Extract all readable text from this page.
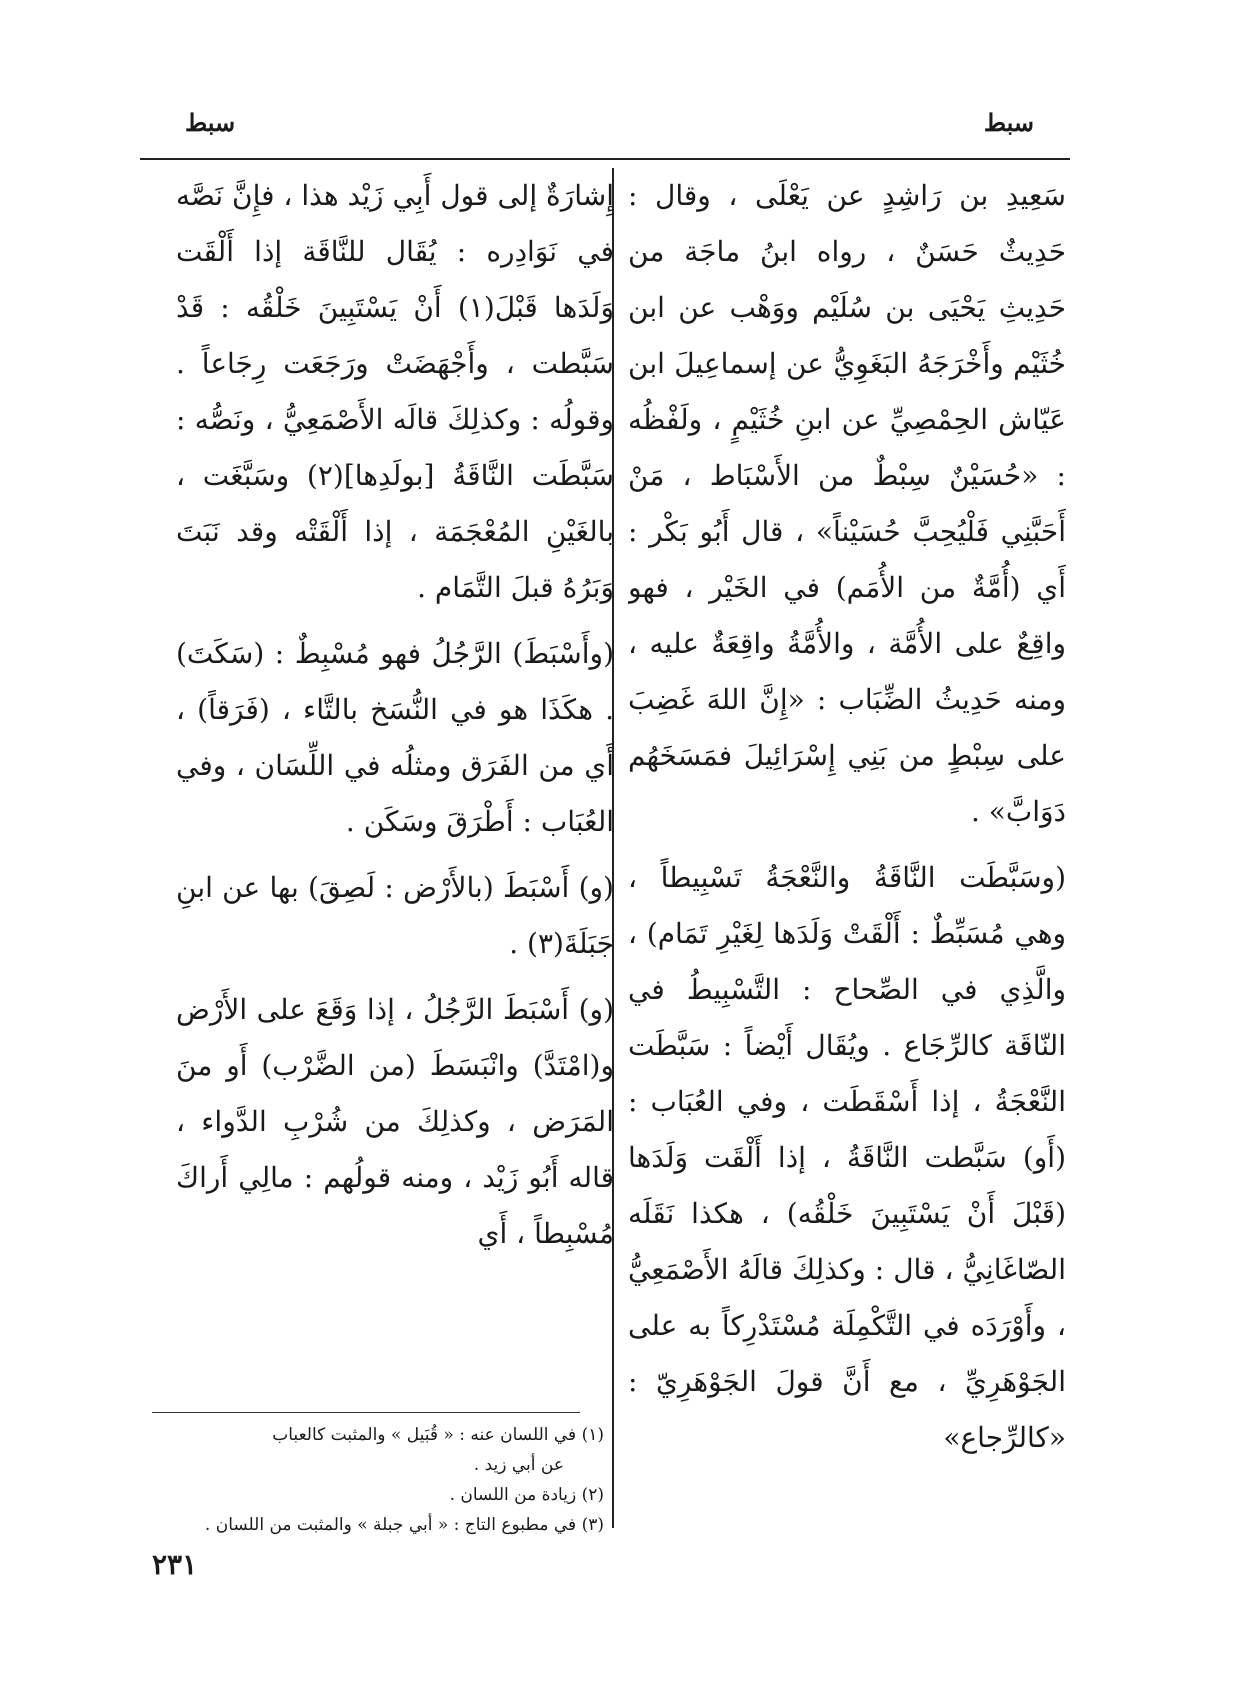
سبط
سبط

سَعِيدِ بن رَاشِدٍ عن يَعْلَى ، وقال : حَدِيثٌ حَسَنٌ ، رواه ابنُ ماجَة من حَدِيثِ يَحْيَى بن سُلَيْم ووَهْب عن ابن خُثَيْم وأَخْرَجَهُ البَغَوِيُّ عن إسماعِيلَ ابن عَيّاش الحِمْصِيِّ عن ابنِ خُثَيْمٍ ، ولَفْظُه : «حُسَيْنٌ سِبْطٌ من الأَسْبَاط ، مَنْ أَحَبَّنِي فَلْيُحِبَّ حُسَيْناً» ، قال أَبُو بَكْر : أَي (أُمَّةٌ من الأُمَم) في الخَيْر ، فهو واقِعٌ على الأُمَّة ، والأُمَّةُ واقِعَةٌ عليه ، ومنه حَدِيثُ الضِّبَاب : «إِنَّ اللهَ غَضِبَ على سِبْطٍ من بَنِي إِسْرَائِيلَ فمَسَخَهُم دَوَابَّ» .

(وسَبَّطَت النَّاقَةُ والنَّعْجَةُ تَسْبِيطاً ، وهي مُسَبِّطٌ : أَلْقَتْ وَلَدَها لِغَيْرِ تَمَام) ، والَّذِي في الصِّحاح : التَّسْبِيطُ في النّاقَة كالرِّجَاع . ويُقَال أَيْضاً : سَبَّطَت النَّعْجَةُ ، إذا أَسْقَطَت ، وفي العُبَاب : (أَو) سَبَّطت النَّاقَةُ ، إذا أَلْقَت وَلَدَها (قَبْلَ أَنْ يَسْتَبِينَ خَلْقُه) ، هكذا نَقَلَه الصّاغَانِيُّ ، قال : وكذلِكَ قالَهُ الأَصْمَعِيُّ ، وأَوْرَدَه في التَّكْمِلَة مُسْتَدْرِكاً به على الجَوْهَرِيِّ ، مع أَنَّ قولَ الجَوْهَرِيّ : «كالرِّجاع»

إِشارَةٌ إلى قول أَبِي زَيْد هذا ، فإِنَّ نَصَّه في نَوَادِره : يُقَال للنَّاقَة إذا أَلْقَت وَلَدَها قَبْلَ(١) أَنْ يَسْتَبِينَ خَلْقُه : قَدْ سَبَّطت ، وأَجْهَضَتْ ورَجَعَت رِجَاعاً . وقولُه : وكذلِكَ قالَه الأَصْمَعِيُّ ، ونَصُّه : سَبَّطَت النَّاقَةُ [بولَدِها](٢) وسَبَّغَت ، بالغَيْنِ المُعْجَمَة ، إذا أَلْقَتْه وقد نَبَتَ وَبَرُهُ قبلَ التَّمَام .

(وأَسْبَطَ) الرَّجُلُ فهو مُسْبِطٌ : (سَكَتَ) . هكَذَا هو في النُّسَخ بالتَّاء ، (فَرَقاً) ، أَي من الفَرَق ومثلُه في اللِّسَان ، وفي العُبَاب : أَطْرَقَ وسَكَن .

(و) أَسْبَطَ (بالأَرْض : لَصِقَ) بها عن ابنِ جَبَلَةَ(٣) .

(و) أَسْبَطَ الرَّجُلُ ، إذا وَقَعَ على الأَرْض و(امْتَدَّ) وانْبَسَطَ (من الضَّرْب) أَو منَ المَرَض ، وكذلِكَ من شُرْبِ الدَّواء ، قاله أَبُو زَيْد ، ومنه قولُهم : مالِي أَراكَ مُسْبِطاً ، أَي

(١) في اللسان عنه : « قُبَيل » والمثبت كالعباب

عن أبي زيد .

(٢) زيادة من اللسان .

(٣) في مطبوع التاج : « أبي جبلة » والمثبت من اللسان .

٢٣١
